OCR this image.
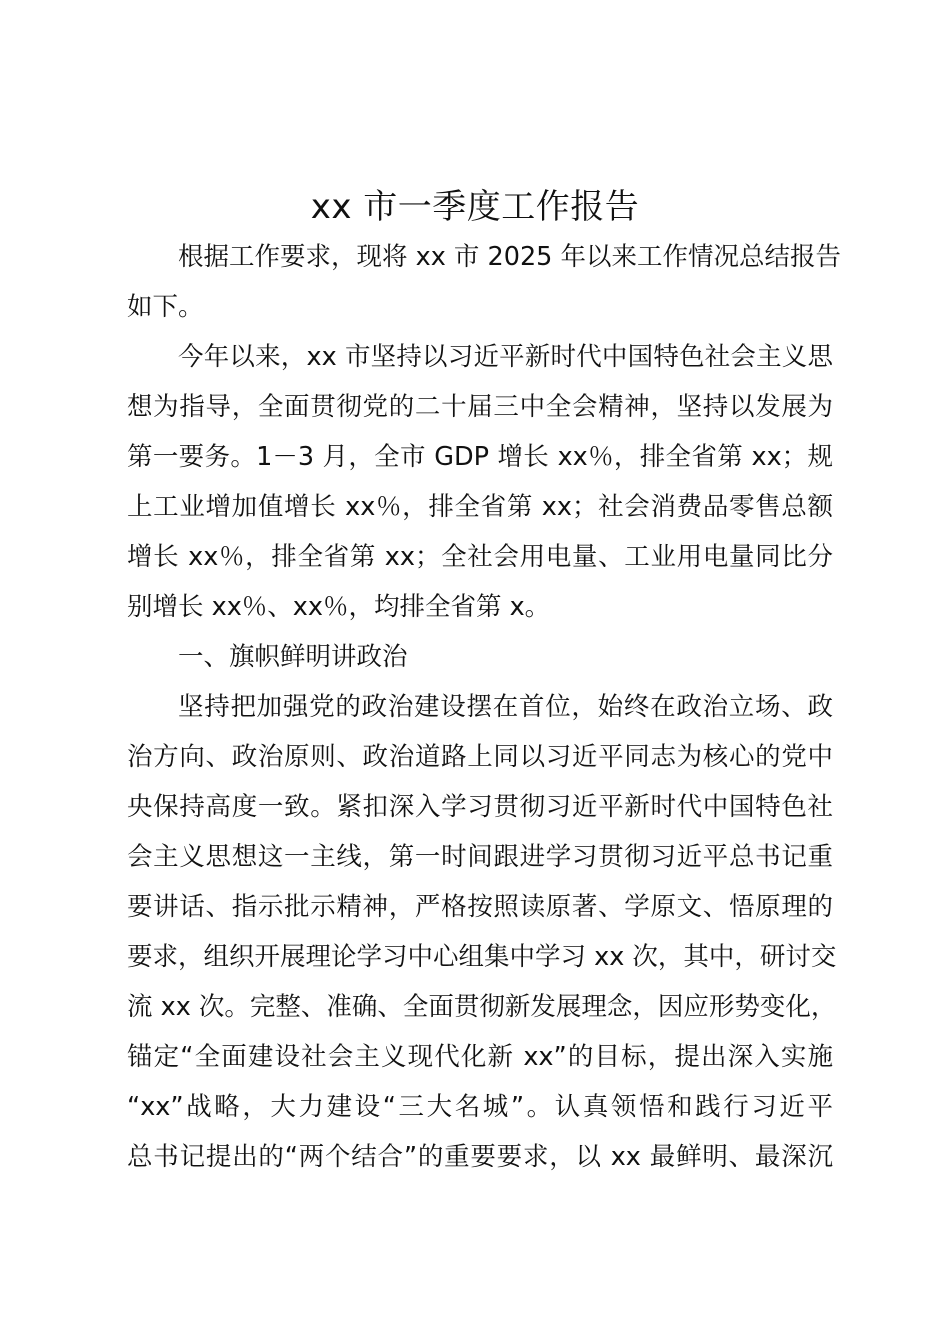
xx 市一季度工作报告
根据工作要求，现将 xx 市 2025 年以来工作情况总结报告
如下。
今年以来，xx 市坚持以习近平新时代中国特色社会主义思
想为指导，全面贯彻党的二十届三中全会精神，坚持以发展为
第一要务。1－3 月，全市 GDP 增长 xx％，排全省第 xx；规
上工业增加值增长 xx％，排全省第 xx；社会消费品零售总额
增长 xx％，排全省第 xx；全社会用电量、工业用电量同比分
别增长 xx％、xx％，均排全省第 x。
一、旗帜鲜明讲政治
坚持把加强党的政治建设摆在首位，始终在政治立场、政
治方向、政治原则、政治道路上同以习近平同志为核心的党中
央保持高度一致。紧扣深入学习贯彻习近平新时代中国特色社
会主义思想这一主线，第一时间跟进学习贯彻习近平总书记重
要讲话、指示批示精神，严格按照读原著、学原文、悟原理的
要求，组织开展理论学习中心组集中学习 xx 次，其中，研讨交
流 xx 次。完整、准确、全面贯彻新发展理念，因应形势变化，
锚定“全面建设社会主义现代化新 xx”的目标，提出深入实施
“xx”战略，大力建设“三大名城”。认真领悟和践行习近平
总书记提出的“两个结合”的重要要求，以 xx 最鲜明、最深沉
